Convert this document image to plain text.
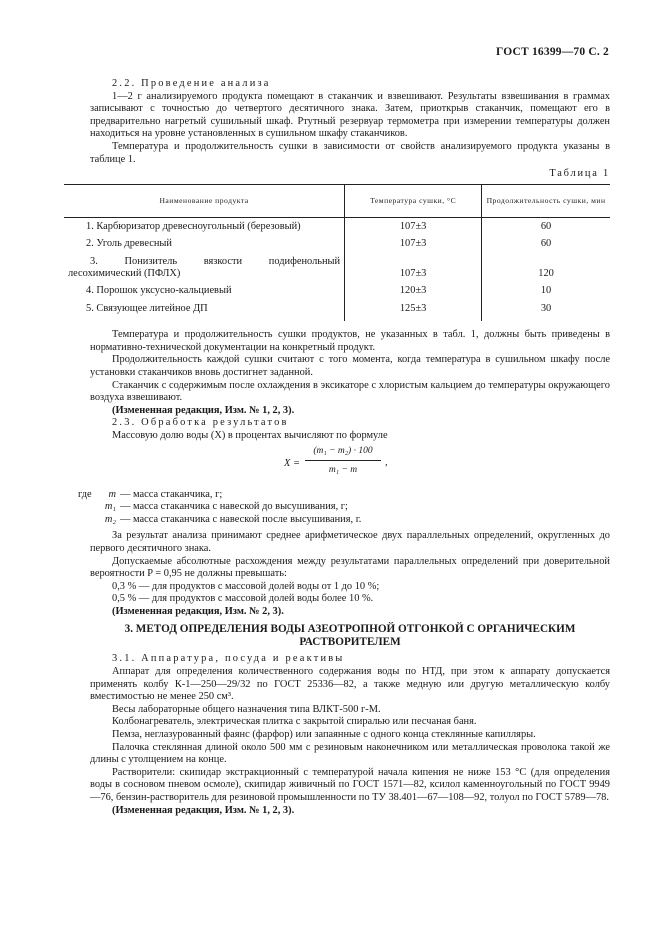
ГОСТ 16399—70 С. 2

2.2. Проведение анализа

1—2 г анализируемого продукта помещают в стаканчик и взвешивают. Результаты взвешивания в граммах записывают с точностью до четвертого десятичного знака. Затем, приоткрыв стаканчик, помещают его в предварительно нагретый сушильный шкаф. Ртутный резервуар термометра при измерении температуры должен находиться на уровне установленных в сушильном шкафу стаканчиков.

Температура и продолжительность сушки в зависимости от свойств анализируемого продукта указаны в таблице 1.

Таблица 1
Наименование продукта	Температура сушки, °С	Продолжительность сушки, мин
1. Карбюризатор древесноугольный (березовый)	107±3	60
2. Уголь древесный	107±3	60
3. Понизитель вязкости подифенольный лесохимический (ПФЛХ)	107±3	120
4. Порошок уксусно-кальциевый	120±3	10
5. Связующее литейное ДП	125±3	30

Температура и продолжительность сушки продуктов, не указанных в табл. 1, должны быть приведены в нормативно-технической документации на конкретный продукт.

Продолжительность каждой сушки считают с того момента, когда температура в сушильном шкафу после установки стаканчиков вновь достигнет заданной.

Стаканчик с содержимым после охлаждения в эксикаторе с хлористым кальцием до температуры окружающего воздуха взвешивают.

(Измененная редакция, Изм. № 1, 2, 3).

2.3. Обработка результатов

Массовую долю воды (X) в процентах вычисляют по формуле

X =
(m₁ − m₂) · 100
m₁ − m
,
где	m — масса стаканчика, г;
m₁ — масса стаканчика с навеской до высушивания, г;
m₂ — масса стаканчика с навеской после высушивания, г.

За результат анализа принимают среднее арифметическое двух параллельных определений, округленных до первого десятичного знака.

Допускаемые абсолютные расхождения между результатами параллельных определений при доверительной вероятности P = 0,95 не должны превышать:

0,3 % — для продуктов с массовой долей воды от 1 до 10 %;

0,5 % — для продуктов с массовой долей воды более 10 %.

(Измененная редакция, Изм. № 2, 3).

3. МЕТОД ОПРЕДЕЛЕНИЯ ВОДЫ АЗЕОТРОПНОЙ ОТГОНКОЙ С ОРГАНИЧЕСКИМ РАСТВОРИТЕЛЕМ

3.1. Аппаратура, посуда и реактивы

Аппарат для определения количественного содержания воды по НТД, при этом к аппарату допускается применять колбу К-1—250—29/32 по ГОСТ 25336—82, а также медную или другую металлическую колбу вместимостью не менее 250 см³.

Весы лабораторные общего назначения типа ВЛКТ-500 г-М.

Колбонагреватель, электрическая плитка с закрытой спиралью или песчаная баня.

Пемза, неглазурованный фаянс (фарфор) или запаянные с одного конца стеклянные капилляры.

Палочка стеклянная длиной около 500 мм с резиновым наконечником или металлическая проволока такой же длины с утолщением на конце.

Растворители: скипидар экстракционный с температурой начала кипения не ниже 153 °С (для определения воды в сосновом пневом осмоле), скипидар живичный по ГОСТ 1571—82, ксилол каменноугольный по ГОСТ 9949—76, бензин-растворитель для резиновой промышленности по ТУ 38.401—67—108—92, толуол по ГОСТ 5789—78.

(Измененная редакция, Изм. № 1, 2, 3).
